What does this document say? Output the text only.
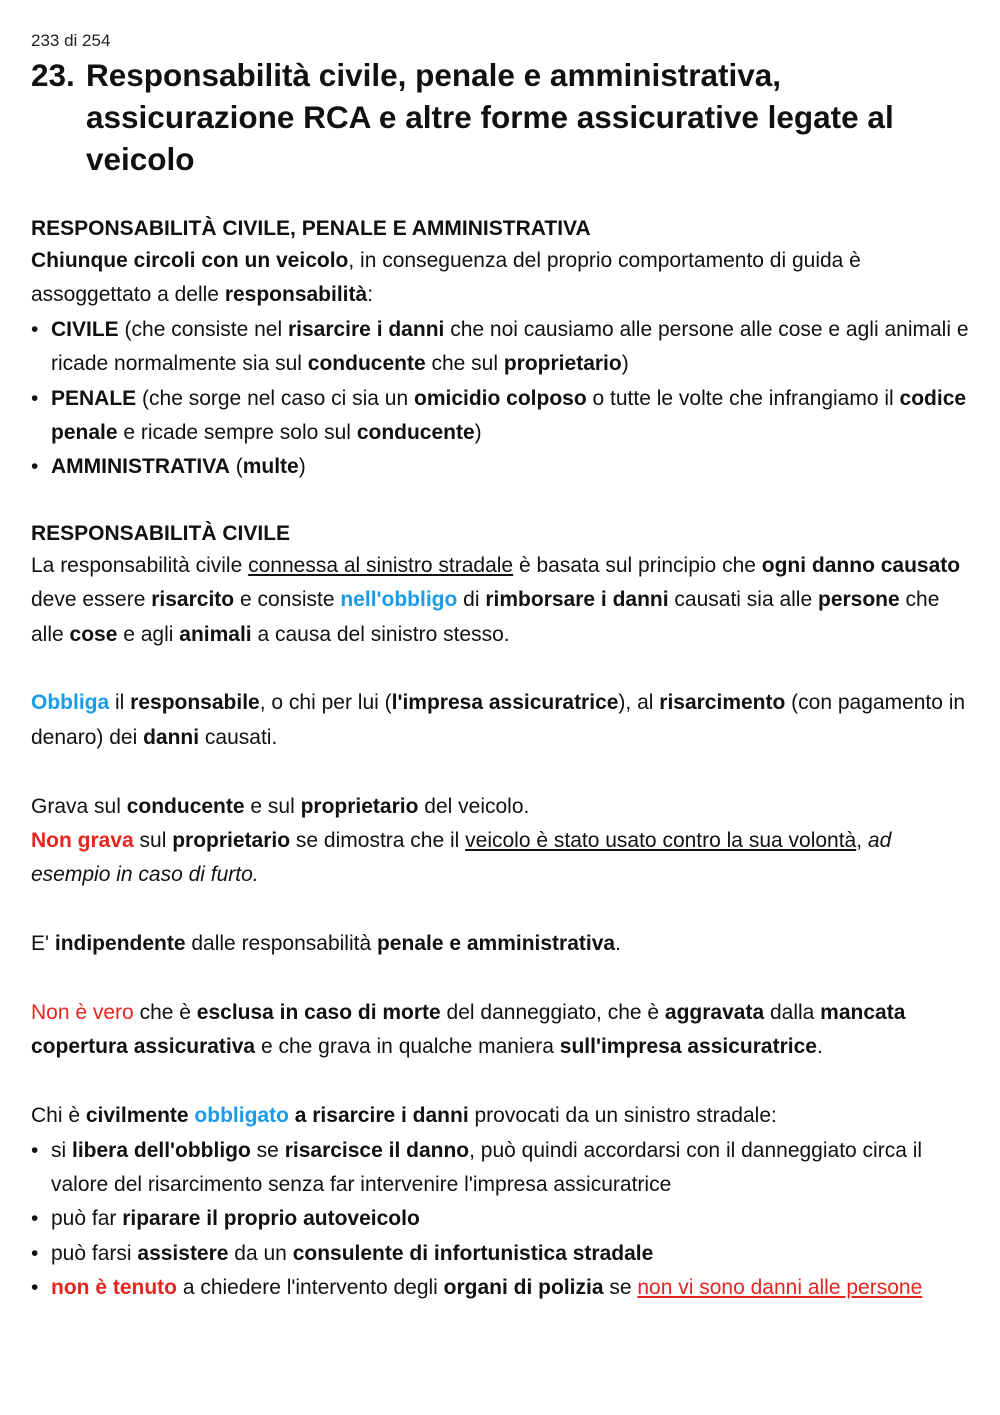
233 di 254
23. Responsabilità civile, penale e amministrativa, assicurazione RCA e altre forme assicurative legate al veicolo
RESPONSABILITÀ CIVILE, PENALE E AMMINISTRATIVA

Chiunque circoli con un veicolo, in conseguenza del proprio comportamento di guida è assoggettato a delle responsabilità:

• CIVILE (che consiste nel risarcire i danni che noi causiamo alle persone alle cose e agli animali e ricade normalmente sia sul conducente che sul proprietario)
• PENALE (che sorge nel caso ci sia un omicidio colposo o tutte le volte che infrangiamo il codice penale e ricade sempre solo sul conducente)
• AMMINISTRATIVA (multe)
RESPONSABILITÀ CIVILE

La responsabilità civile connessa al sinistro stradale è basata sul principio che ogni danno causato deve essere risarcito e consiste nell'obbligo di rimborsare i danni causati sia alle persone che alle cose e agli animali a causa del sinistro stesso.

Obbliga il responsabile, o chi per lui (l'impresa assicuratrice), al risarcimento (con pagamento in denaro) dei danni causati.

Grava sul conducente e sul proprietario del veicolo.

Non grava sul proprietario se dimostra che il veicolo è stato usato contro la sua volontà, ad esempio in caso di furto.

E' indipendente dalle responsabilità penale e amministrativa.

Non è vero che è esclusa in caso di morte del danneggiato, che è aggravata dalla mancata copertura assicurativa e che grava in qualche maniera sull'impresa assicuratrice.

Chi è civilmente obbligato a risarcire i danni provocati da un sinistro stradale:

• si libera dell'obbligo se risarcisce il danno, può quindi accordarsi con il danneggiato circa il valore del risarcimento senza far intervenire l'impresa assicuratrice
• può far riparare il proprio autoveicolo
• può farsi assistere da un consulente di infortunistica stradale
• non è tenuto a chiedere l'intervento degli organi di polizia se non vi sono danni alle persone
